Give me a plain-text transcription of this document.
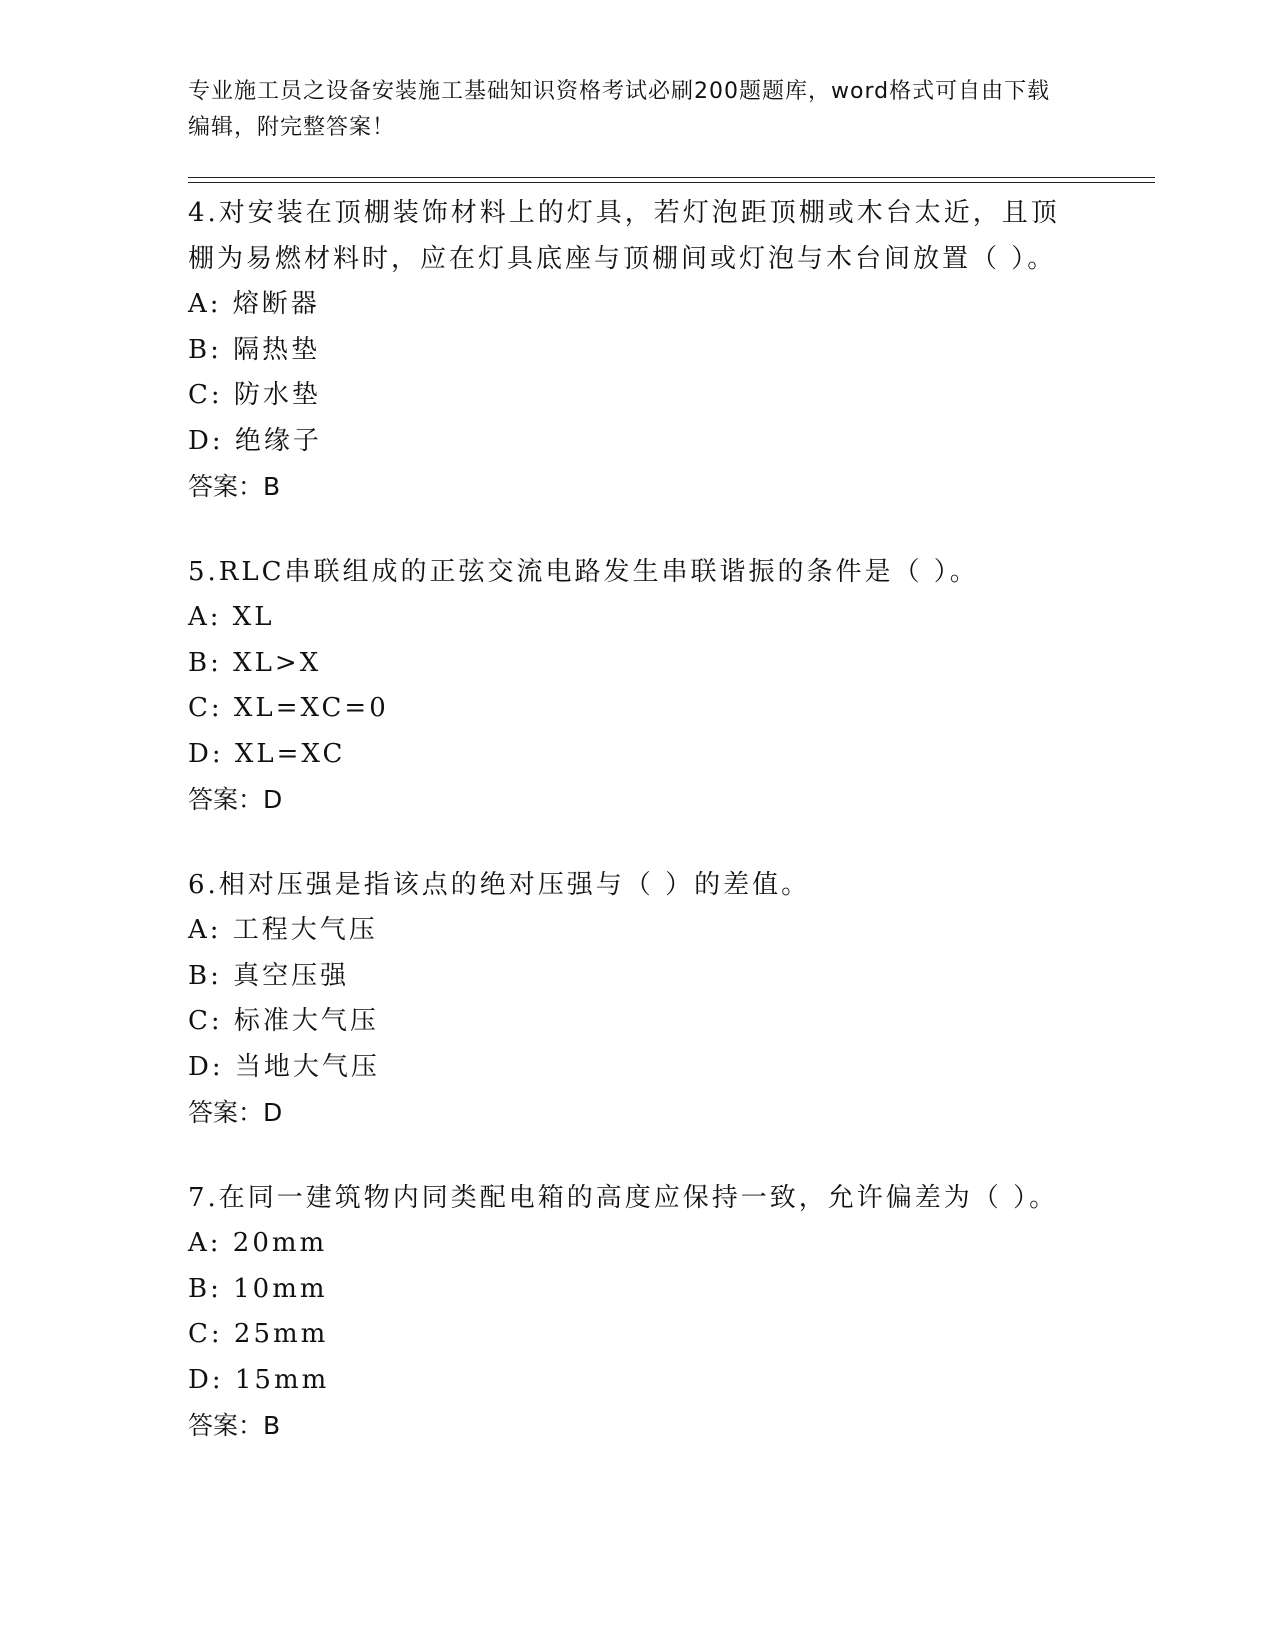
专业施工员之设备安装施工基础知识资格考试必刷200题题库，word格式可自由下载编辑，附完整答案！

4.对安装在顶棚装饰材料上的灯具，若灯泡距顶棚或木台太近，且顶棚为易燃材料时，应在灯具底座与顶棚间或灯泡与木台间放置（ ）。

A: 熔断器

B: 隔热垫

C: 防水垫

D: 绝缘子

答案：B

5.RLC串联组成的正弦交流电路发生串联谐振的条件是（ ）。

A: XL

B: XL>X

C: XL=XC=0

D: XL=XC

答案：D

6.相对压强是指该点的绝对压强与（ ）的差值。

A: 工程大气压

B: 真空压强

C: 标准大气压

D: 当地大气压

答案：D

7.在同一建筑物内同类配电箱的高度应保持一致，允许偏差为（ ）。

A: 20mm

B: 10mm

C: 25mm

D: 15mm

答案：B
